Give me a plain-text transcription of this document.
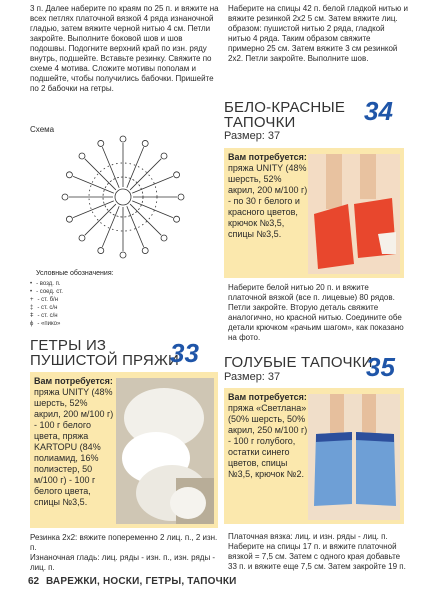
3 п. Далее наберите по краям по 25 п. и вяжите на всех петлях платочной вязкой 4 ряда изнаночной гладью, затем вяжите черной нитью 4 см. Петли закройте. Выполните боковой шов и шов подошвы. Подогните верхний край по изн. ряду внутрь, подшейте. Вставьте резинку. Свяжите по схеме 4 мотива. Сложите мотивы пополам и подшейте, чтобы получились бабочки. Пришейте по 2 бабочки на гетры.
Схема
Условные обозначения:
• - возд. п.
• - соед. ст.
+ - ст. б/н
‡ - ст. с/н
ǂ - ст. с/н
ϕ - «пико»
ГЕТРЫ ИЗ
ПУШИСТОЙ ПРЯЖИ
33
Вам потребуется:
пряжа UNITY (48% шерсть, 52% акрил, 200 м/100 г) - 100 г белого цвета, пряжа KARTOPU (84% полиамид, 16% полиэстер, 50 м/100 г) - 100 г белого цвета, спицы №3,5.
Резинка 2х2: вяжите попеременно 2 лиц. п., 2 изн. п.
Изнаночная гладь: лиц. ряды - изн. п., изн. ряды - лиц. п.
Наберите на спицы 42 п. белой гладкой нитью и вяжите резинкой 2х2 5 см. Затем вяжите лиц. образом: пушистой нитью 2 ряда, гладкой нитью 4 ряда. Таким образом свяжите примерно 25 см. Затем вяжите 3 см резинкой 2х2. Петли закройте. Выполните шов.
БЕЛО-КРАСНЫЕ
ТАПОЧКИ
Размер: 37
34
Вам потребуется:
пряжа UNITY (48% шерсть, 52% акрил, 200 м/100 г) - по 30 г белого и красного цветов, крючок №3,5, спицы №3,5.
Наберите белой нитью 20 п. и вяжите платочной вязкой (все п. лицевые) 80 рядов. Петли закройте. Вторую деталь свяжите аналогично, но красной нитью. Соедините обе детали крючком «рачьим шагом», как показано на фото.
ГОЛУБЫЕ ТАПОЧКИ
Размер: 37	35
Вам потребуется:
пряжа «Светлана» (50% шерсть, 50% акрил, 250 м/100 г) - 100 г голубого, остатки синего цветов, спицы №3,5, крючок №2.
Платочная вязка: лиц. и изн. ряды - лиц. п.
Наберите на спицы 17 п. и вяжите платочной вязкой = 7,5 см. Затем с одного края добавьте 33 п. и вяжите еще 7,5 см. Затем закройте 19 п.
62 ВАРЕЖКИ, НОСКИ, ГЕТРЫ, ТАПОЧКИ
